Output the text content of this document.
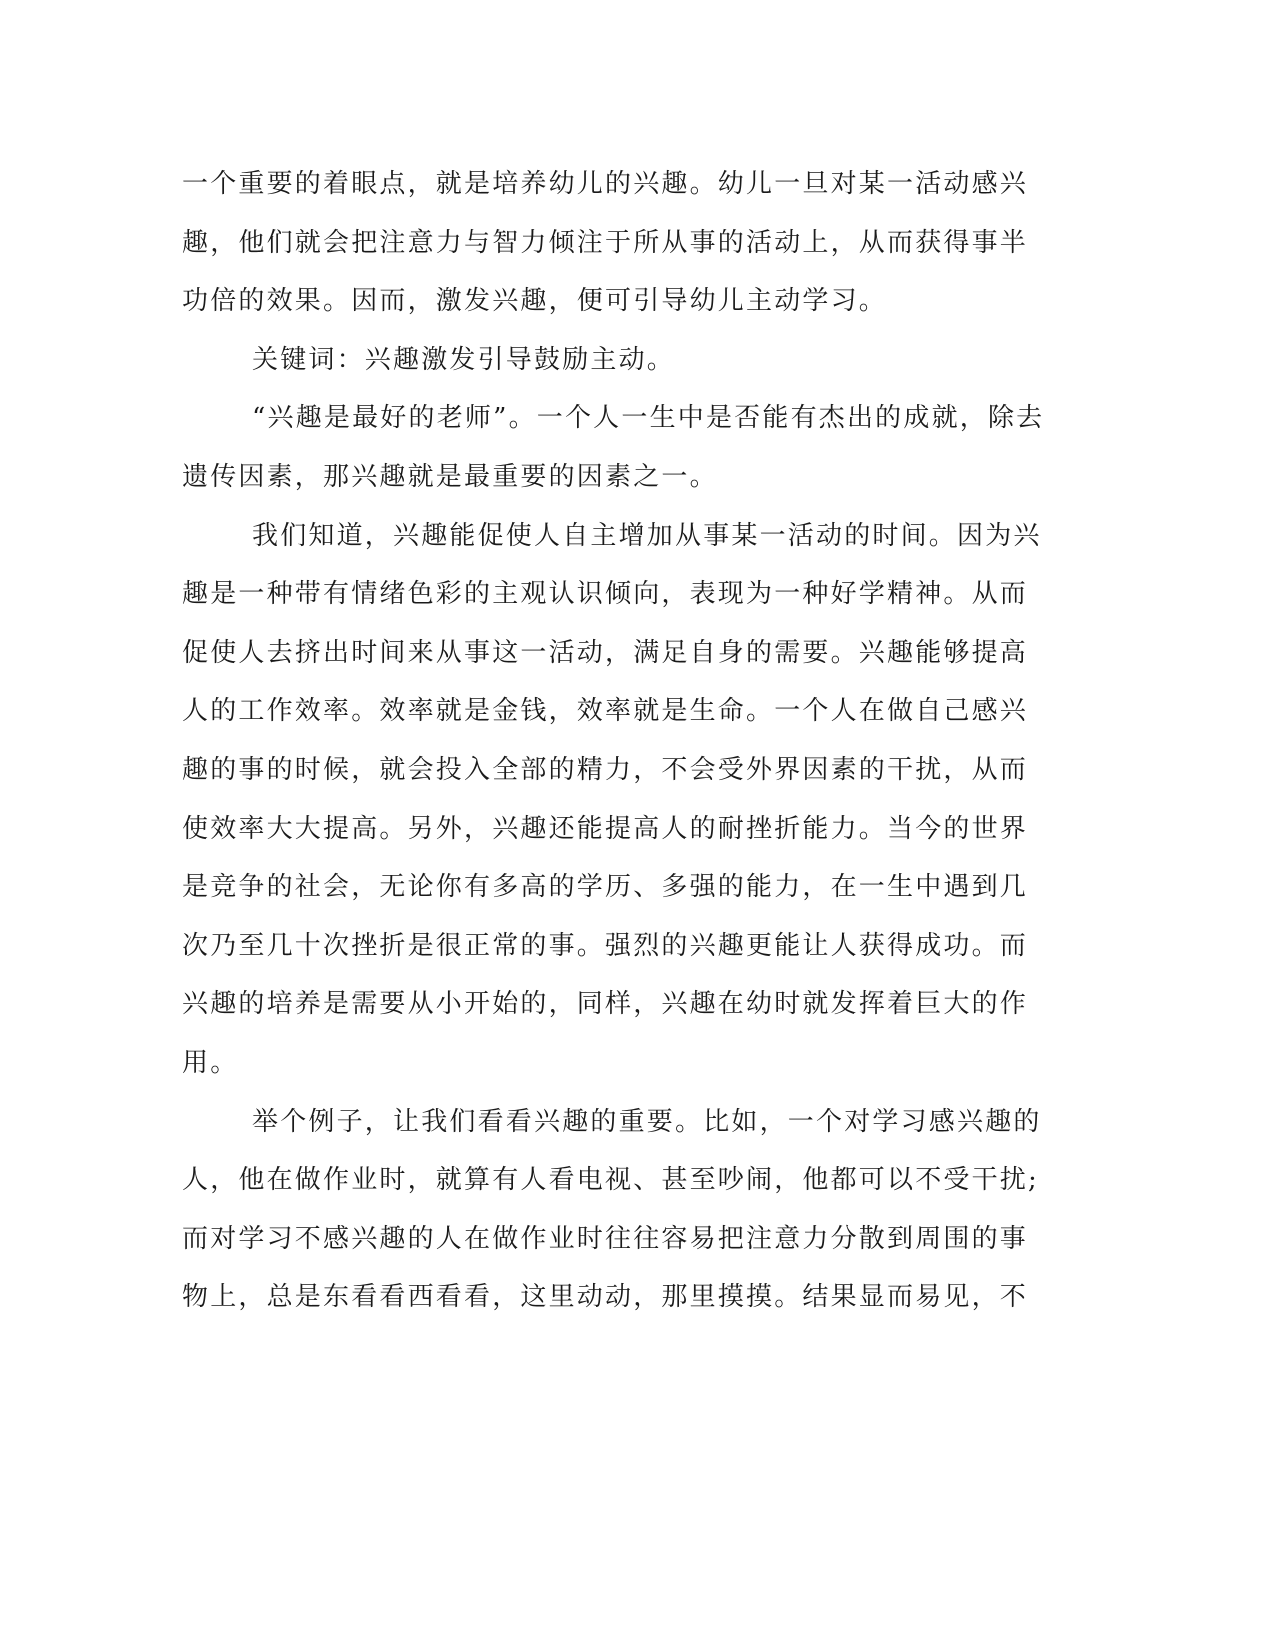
一个重要的着眼点，就是培养幼儿的兴趣。幼儿一旦对某一活动感兴
趣，他们就会把注意力与智力倾注于所从事的活动上，从而获得事半
功倍的效果。因而，激发兴趣，便可引导幼儿主动学习。
关键词：兴趣激发引导鼓励主动。
“兴趣是最好的老师”。一个人一生中是否能有杰出的成就，除去
遗传因素，那兴趣就是最重要的因素之一。
我们知道，兴趣能促使人自主增加从事某一活动的时间。因为兴
趣是一种带有情绪色彩的主观认识倾向，表现为一种好学精神。从而
促使人去挤出时间来从事这一活动，满足自身的需要。兴趣能够提高
人的工作效率。效率就是金钱，效率就是生命。一个人在做自己感兴
趣的事的时候，就会投入全部的精力，不会受外界因素的干扰，从而
使效率大大提高。另外，兴趣还能提高人的耐挫折能力。当今的世界
是竞争的社会，无论你有多高的学历、多强的能力，在一生中遇到几
次乃至几十次挫折是很正常的事。强烈的兴趣更能让人获得成功。而
兴趣的培养是需要从小开始的，同样，兴趣在幼时就发挥着巨大的作
用。
举个例子，让我们看看兴趣的重要。比如，一个对学习感兴趣的
人，他在做作业时，就算有人看电视、甚至吵闹，他都可以不受干扰;
而对学习不感兴趣的人在做作业时往往容易把注意力分散到周围的事
物上，总是东看看西看看，这里动动，那里摸摸。结果显而易见，不
